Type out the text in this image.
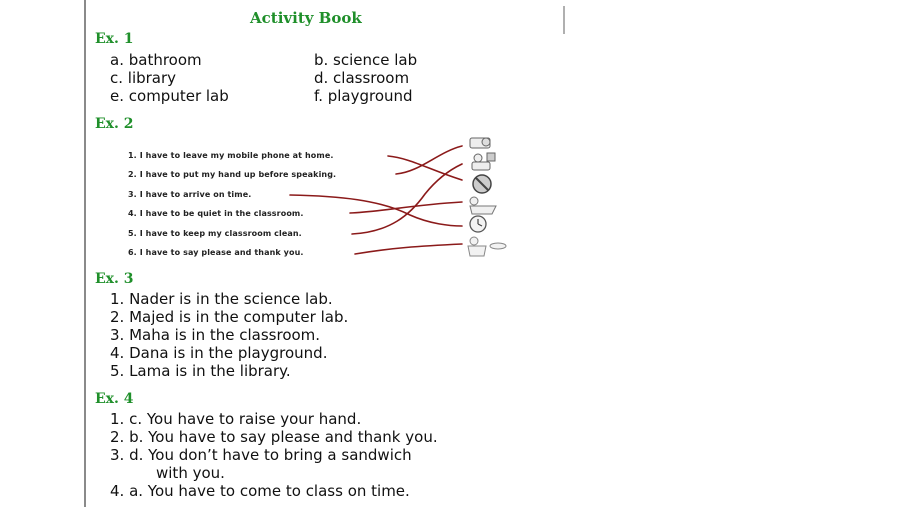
Activity Book
Ex. 1
a. bathroom	b. science lab
c. library	d. classroom
e. computer lab	f. playground
Ex. 2
1. I have to leave my mobile phone at home.
2. I have to put my hand up before speaking.
3. I have to arrive on time.
4. I have to be quiet in the classroom.
5. I have to keep my classroom clean.
6. I have to say please and thank you.
Ex. 3
1. Nader is in the science lab.
2. Majed is in the computer lab.
3. Maha is in the classroom.
4. Dana is in the playground.
5. Lama is in the library.
Ex. 4
1. c. You have to raise your hand.
2. b. You have to say please and thank you.
3. d. You don’t have to bring a sandwich
with you.
4. a. You have to come to class on time.
